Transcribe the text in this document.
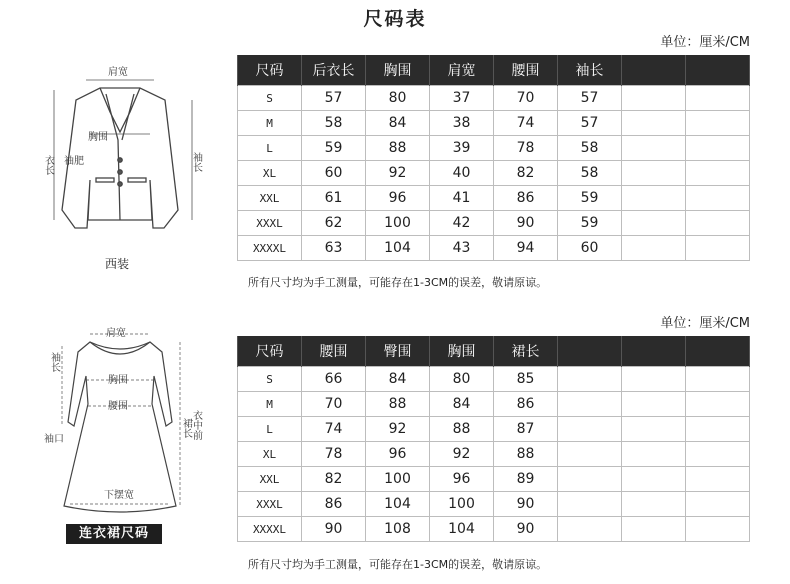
尺码表
单位：厘米/CM
肩宽
胸围
袖肥
衣长	袖长
西装
尺码	后衣长	胸围	肩宽	腰围	袖长		
S	57	80	37	70	57		
M	58	84	38	74	57		
L	59	88	39	78	58		
XL	60	92	40	82	58		
XXL	61	96	41	86	59		
XXXL	62	100	42	90	59		
XXXXL	63	104	43	94	60		
所有尺寸均为手工测量，可能存在1-3CM的误差，敬请原谅。
单位：厘米/CM
肩宽
袖长
胸围
腰围
袖口
裙长 衣中前
下摆宽
连衣裙尺码
尺码	腰围	臀围	胸围	裙长			
S	66	84	80	85			
M	70	88	84	86			
L	74	92	88	87			
XL	78	96	92	88			
XXL	82	100	96	89			
XXXL	86	104	100	90			
XXXXL	90	108	104	90			
所有尺寸均为手工测量，可能存在1-3CM的误差，敬请原谅。
